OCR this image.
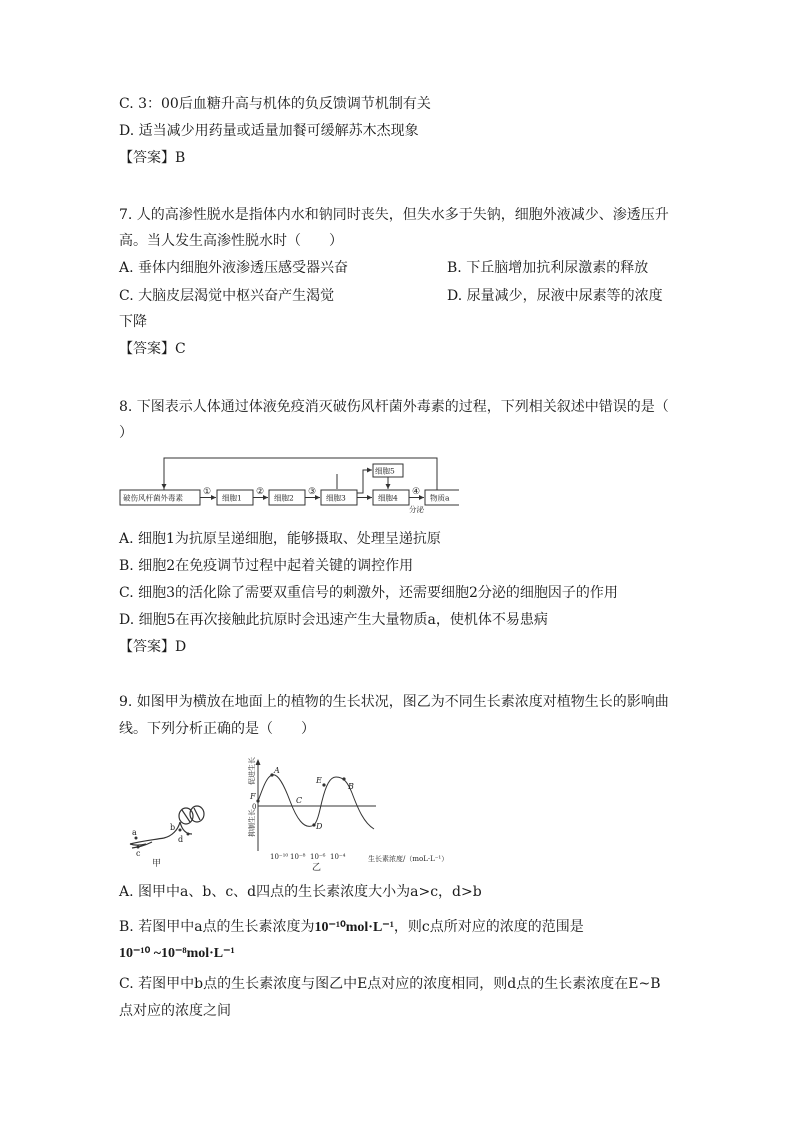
C. 3：00后血糖升高与机体的负反馈调节机制有关
D. 适当减少用药量或适量加餐可缓解苏木杰现象
【答案】B
7. 人的高渗性脱水是指体内水和钠同时丧失，但失水多于失钠，细胞外液减少、渗透压升
高。当人发生高渗性脱水时（　　）
A. 垂体内细胞外液渗透压感受器兴奋	B. 下丘脑增加抗利尿激素的释放
C. 大脑皮层渴觉中枢兴奋产生渴觉	D. 尿量减少，尿液中尿素等的浓度
下降
【答案】C
8. 下图表示人体通过体液免疫消灭破伤风杆菌外毒素的过程，下列相关叙述中错误的是（
）
破伤风杆菌外毒素	细胞1	细胞2	细胞3	细胞4	物质a
细胞5
①	②	③	④
分泌
A. 细胞1为抗原呈递细胞，能够摄取、处理呈递抗原
B. 细胞2在免疫调节过程中起着关键的调控作用
C. 细胞3的活化除了需要双重信号的刺激外，还需要细胞2分泌的细胞因子的作用
D. 细胞5在再次接触此抗原时会迅速产生大量物质a，使机体不易患病
【答案】D
9. 如图甲为横放在地面上的植物的生长状况，图乙为不同生长素浓度对植物生长的影响曲
线。下列分析正确的是（　　）
a
b
c
d
甲
A
B
C
D
E
F
0
促进生长
抑制生长
10⁻¹⁰ 10⁻⁸ 10⁻⁶ 10⁻⁴	生长素浓度/（moL·L⁻¹）
乙
A. 图甲中a、b、c、d四点的生长素浓度大小为a>c，d>b
B. 若图甲中a点的生长素浓度为10⁻¹⁰mol·L⁻¹，则c点所对应的浓度的范围是
10⁻¹⁰ ~10⁻⁸mol·L⁻¹
C. 若图甲中b点的生长素浓度与图乙中E点对应的浓度相同，则d点的生长素浓度在E~B
点对应的浓度之间
